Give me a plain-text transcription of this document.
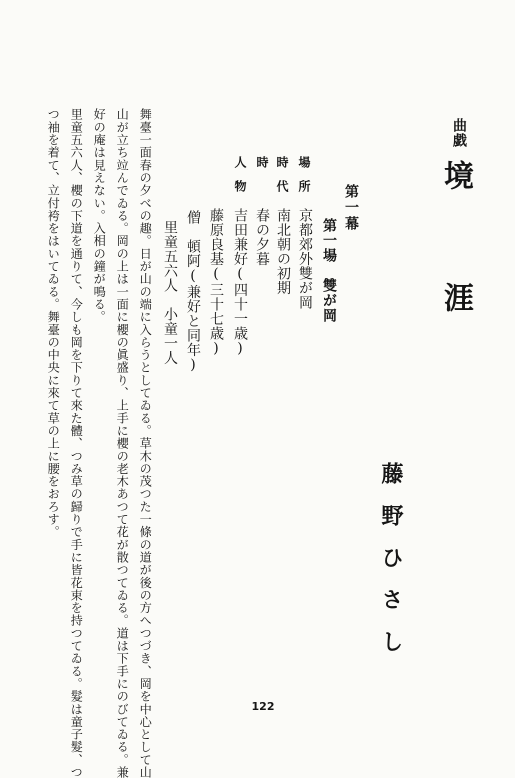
曲戯
境
涯
藤野ひさし
第一幕
第一場　雙が岡
場所
京都郊外雙が岡
時代
南北朝の初期
時
春の夕暮
人物
吉田兼好(四十一歳)
藤原良基(三十七歳)
僧　頓阿(兼好と同年)
里童五六人　小童一人
舞臺一面春の夕べの趣。日が山の端に入らうとしてゐる。草木の茂つた一條の道が後の方へつづき、岡を中心として山
山が立ち竝んでゐる。岡の上は一面に櫻の眞盛り、上手に櫻の老木あつて花が散つてゐる。道は下手にのびてゐる。兼
好の庵は見えない。入相の鐘が鳴る。
里童五六人、櫻の下道を通りて、今しも岡を下りて來た體、つみ草の歸りで手に皆花束を持つてゐる。髮は童子髮、つ
つ袖を着て、立付袴をはいてゐる。舞臺の中央に來て草の上に腰をおろす。
122
